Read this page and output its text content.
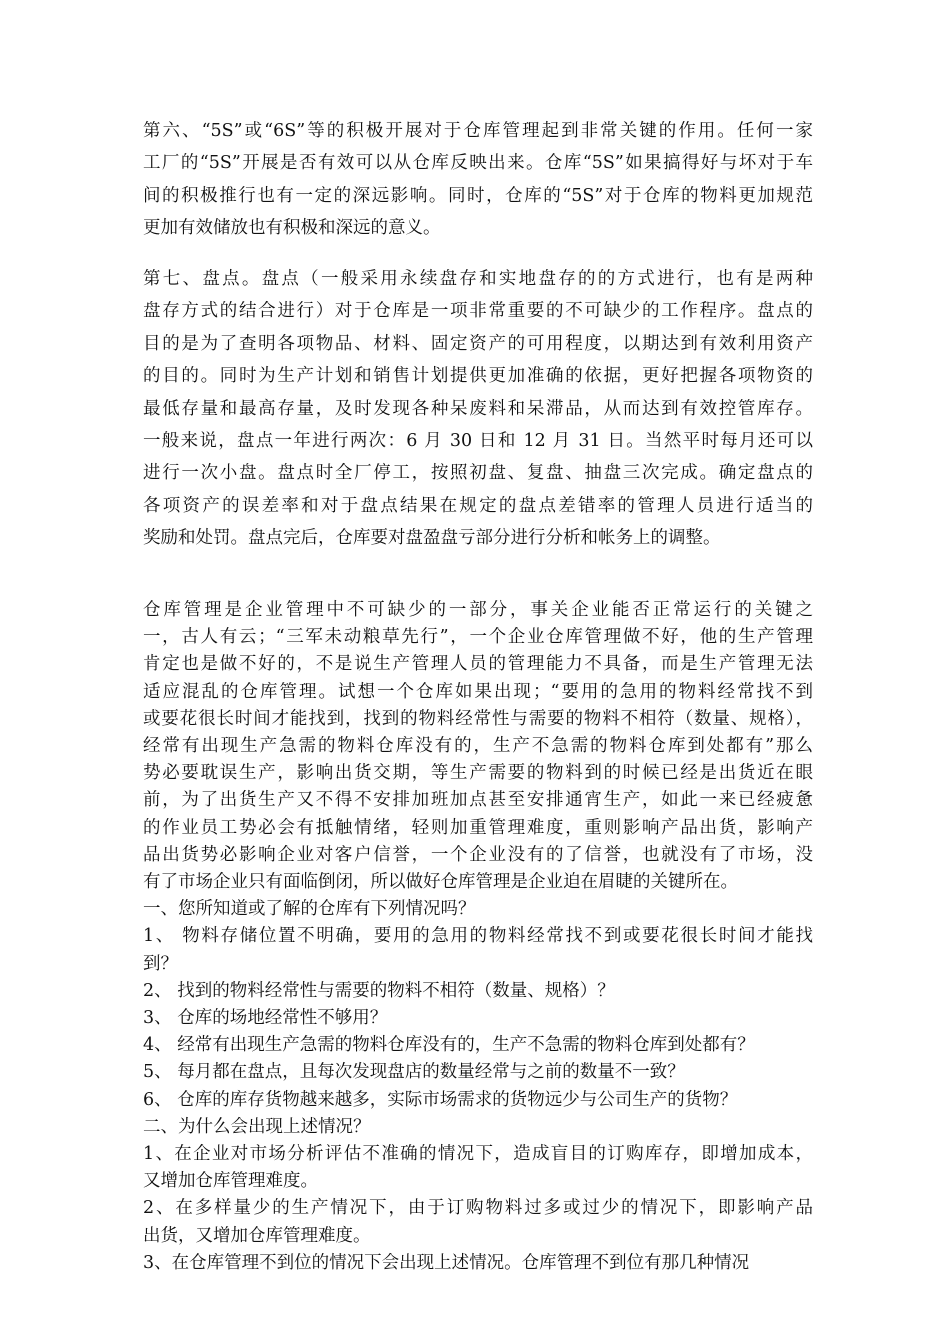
第六、“5S”或“6S”等的积极开展对于仓库管理起到非常关键的作用。任何一家
工厂的“5S”开展是否有效可以从仓库反映出来。仓库“5S”如果搞得好与坏对于车
间的积极推行也有一定的深远影响。同时，仓库的“5S”对于仓库的物料更加规范
更加有效储放也有积极和深远的意义。
第七、盘点。盘点（一般采用永续盘存和实地盘存的的方式进行，也有是两种
盘存方式的结合进行）对于仓库是一项非常重要的不可缺少的工作程序。盘点的
目的是为了查明各项物品、材料、固定资产的可用程度，以期达到有效利用资产
的目的。同时为生产计划和销售计划提供更加准确的依据，更好把握各项物资的
最低存量和最高存量，及时发现各种呆废料和呆滞品，从而达到有效控管库存。
一般来说，盘点一年进行两次：6 月 30 日和 12 月 31 日。当然平时每月还可以
进行一次小盘。盘点时全厂停工，按照初盘、复盘、抽盘三次完成。确定盘点的
各项资产的误差率和对于盘点结果在规定的盘点差错率的管理人员进行适当的
奖励和处罚。盘点完后，仓库要对盘盈盘亏部分进行分析和帐务上的调整。
仓库管理是企业管理中不可缺少的一部分，事关企业能否正常运行的关键之
一，古人有云；“三军未动粮草先行”，一个企业仓库管理做不好，他的生产管理
肯定也是做不好的，不是说生产管理人员的管理能力不具备，而是生产管理无法
适应混乱的仓库管理。试想一个仓库如果出现；“要用的急用的物料经常找不到
或要花很长时间才能找到，找到的物料经常性与需要的物料不相符（数量、规格），
经常有出现生产急需的物料仓库没有的，生产不急需的物料仓库到处都有”那么
势必要耽误生产，影响出货交期，等生产需要的物料到的时候已经是出货近在眼
前，为了出货生产又不得不安排加班加点甚至安排通宵生产，如此一来已经疲惫
的作业员工势必会有抵触情绪，轻则加重管理难度，重则影响产品出货，影响产
品出货势必影响企业对客户信誉，一个企业没有的了信誉，也就没有了市场，没
有了市场企业只有面临倒闭，所以做好仓库管理是企业迫在眉睫的关键所在。
一、您所知道或了解的仓库有下列情况吗？
1、 物料存储位置不明确，要用的急用的物料经常找不到或要花很长时间才能找
到？
2、 找到的物料经常性与需要的物料不相符（数量、规格）？
3、 仓库的场地经常性不够用？
4、 经常有出现生产急需的物料仓库没有的，生产不急需的物料仓库到处都有？
5、 每月都在盘点，且每次发现盘店的数量经常与之前的数量不一致？
6、 仓库的库存货物越来越多，实际市场需求的货物远少与公司生产的货物？
二、为什么会出现上述情况？
1、在企业对市场分析评估不准确的情况下，造成盲目的订购库存，即增加成本，
又增加仓库管理难度。
2、在多样量少的生产情况下，由于订购物料过多或过少的情况下，即影响产品
出货，又增加仓库管理难度。
3、在仓库管理不到位的情况下会出现上述情况。仓库管理不到位有那几种情况
